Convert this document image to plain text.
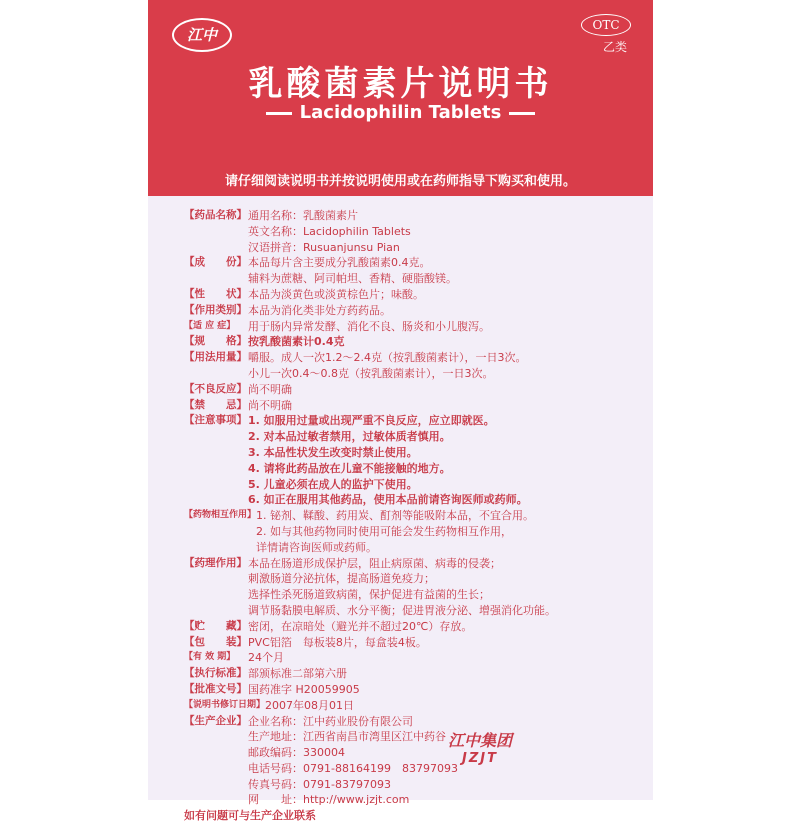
江中
OTC
乙类
乳酸菌素片说明书
Lacidophilin Tablets
请仔细阅读说明书并按说明使用或在药师指导下购买和使用。
【药品名称】 通用名称：乳酸菌素片
英文名称：Lacidophilin Tablets
汉语拼音：Rusuanjunsu Pian
【成　　份】 本品每片含主要成分乳酸菌素0.4克。
辅料为蔗糖、阿司帕坦、香精、硬脂酸镁。
【性　　状】 本品为淡黄色或淡黄棕色片；味酸。
【作用类别】 本品为消化类非处方药药品。
【适 应 症】	用于肠内异常发酵、消化不良、肠炎和小儿腹泻。
【规　　格】 按乳酸菌素计0.4克
【用法用量】 嚼服。成人一次1.2～2.4克（按乳酸菌素计），一日3次。
小儿一次0.4～0.8克（按乳酸菌素计），一日3次。
【不良反应】 尚不明确
【禁　　忌】 尚不明确
【注意事项】 1. 如服用过量或出现严重不良反应，应立即就医。
2. 对本品过敏者禁用，过敏体质者慎用。
3. 本品性状发生改变时禁止使用。
4. 请将此药品放在儿童不能接触的地方。
5. 儿童必须在成人的监护下使用。
6. 如正在服用其他药品，使用本品前请咨询医师或药师。
【药物相互作用】 1. 铋剂、鞣酸、药用炭、酊剂等能吸附本品，不宜合用。
2. 如与其他药物同时使用可能会发生药物相互作用，
详情请咨询医师或药师。
【药理作用】 本品在肠道形成保护层，阻止病原菌、病毒的侵袭；
刺激肠道分泌抗体，提高肠道免疫力；
选择性杀死肠道致病菌，保护促进有益菌的生长；
调节肠黏膜电解质、水分平衡；促进胃液分泌、增强消化功能。
【贮　　藏】 密闭，在凉暗处（避光并不超过20℃）存放。
【包　　装】 PVC铝箔　每板装8片，每盒装4板。
【有 效 期】	24个月
【执行标准】 部颁标准二部第六册
【批准文号】 国药准字 H20059905
【说明书修订日期】 2007年08月01日
【生产企业】 企业名称：江中药业股份有限公司
生产地址：江西省南昌市湾里区江中药谷
邮政编码：330004
电话号码：0791-88164199　83797093
传真号码：0791-83797093
网　　址：http://www.jzjt.com
如有问题可与生产企业联系
江中集团
JZJT
